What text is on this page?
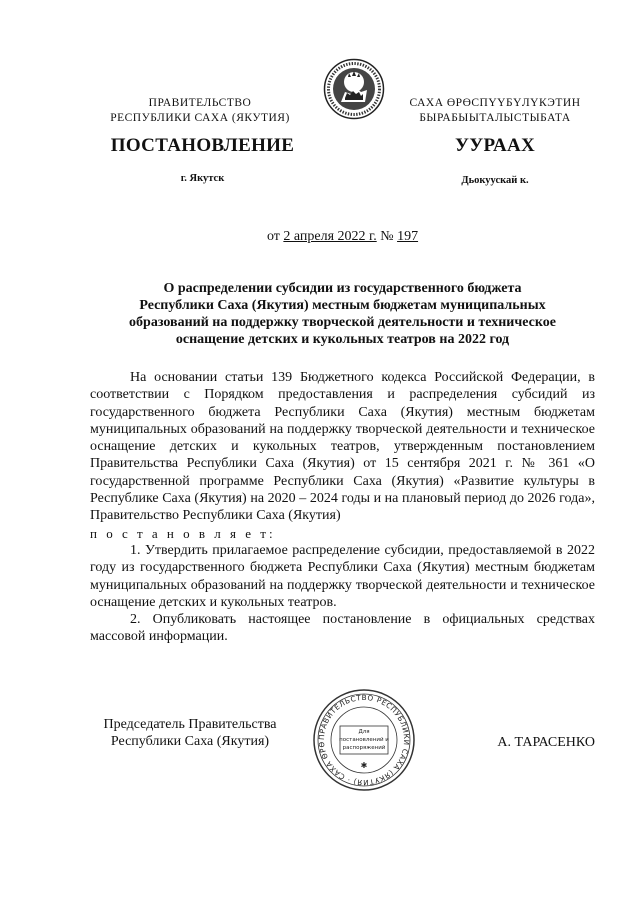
ПРАВИТЕЛЬСТВО
РЕСПУБЛИКИ САХА (ЯКУТИЯ)
САХА ӨРӨСПҮҮБҮЛҮКЭТИН
БЫРАБЫЫТАЛЫСТЫБАТА
ПОСТАНОВЛЕНИЕ	УУРААХ
г. Якутск	Дьокуускай к.
от 2 апреля 2022 г. № 197
О распределении субсидии из государственного бюджета
Республики Саха (Якутия) местным бюджетам муниципальных
образований на поддержку творческой деятельности и техническое
оснащение детских и кукольных театров на 2022 год
На основании статьи 139 Бюджетного кодекса Российской Федерации, в соответствии с Порядком предоставления и распределения субсидий из государственного бюджета Республики Саха (Якутия) местным бюджетам муниципальных образований на поддержку творческой деятельности и техническое оснащение детских и кукольных театров, утвержденным постановлением Правительства Республики Саха (Якутия) от 15 сентября 2021 г. № 361 «О государственной программе Республики Саха (Якутия) «Развитие культуры в Республике Саха (Якутия) на 2020 – 2024 годы и на плановый период до 2026 года», Правительство Республики Саха (Якутия)
п о с т а н о в л я е т:
1. Утвердить прилагаемое распределение субсидии, предоставляемой в 2022 году из государственного бюджета Республики Саха (Якутия) местным бюджетам муниципальных образований на поддержку творческой деятельности и техническое оснащение детских и кукольных театров.
2. Опубликовать настоящее постановление в официальных средствах массовой информации.
Председатель Правительства
Республики Саха (Якутия)	А. ТАРАСЕНКО
ПРАВИТЕЛЬСТВО РЕСПУБЛИКИ САХА (ЯКУТИЯ) · САХА ӨРӨ
Для
постановлений и
распоряжений
✱
